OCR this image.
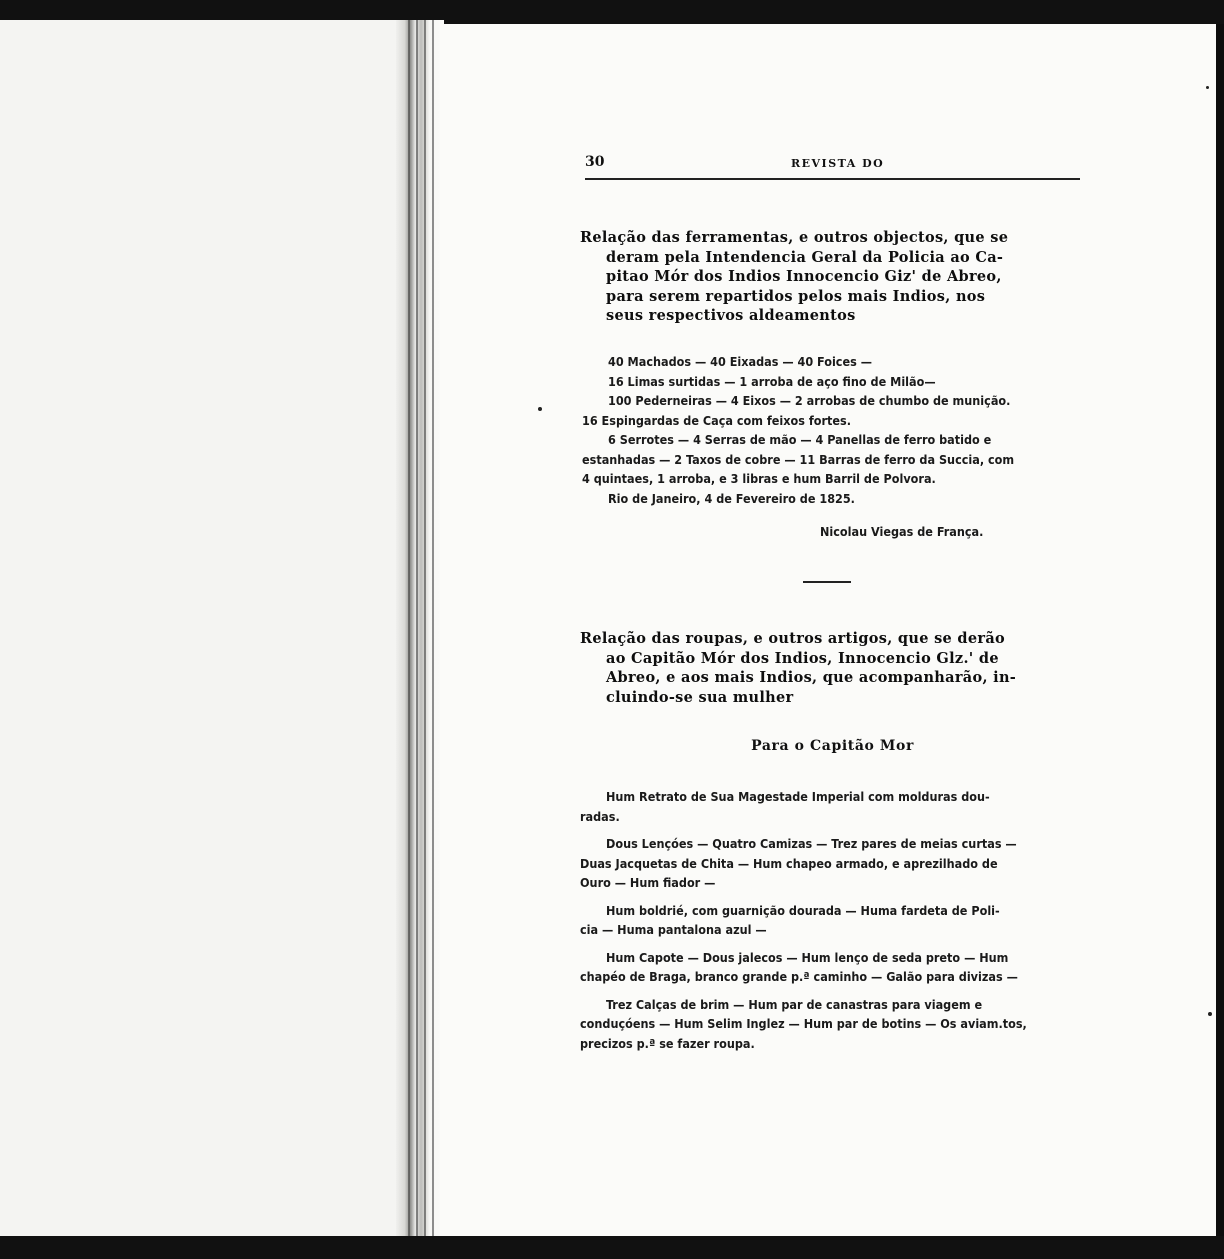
30	REVISTA DO
Relação das ferramentas, e outros objectos, que se
deram pela Intendencia Geral da Policia ao Ca-
pitao Mór dos Indios Innocencio Giz' de Abreo,
para serem repartidos pelos mais Indios, nos
seus respectivos aldeamentos
40 Machados — 40 Eixadas — 40 Foices —
16 Limas surtidas — 1 arroba de aço fino de Milão—
100 Pederneiras — 4 Eixos — 2 arrobas de chumbo de munição.
16 Espingardas de Caça com feixos fortes.
6 Serrotes — 4 Serras de mão — 4 Panellas de ferro batido e
estanhadas — 2 Taxos de cobre — 11 Barras de ferro da Succia, com
4 quintaes, 1 arroba, e 3 libras e hum Barril de Polvora.
Rio de Janeiro, 4 de Fevereiro de 1825.
Nicolau Viegas de França.
Relação das roupas, e outros artigos, que se derão
ao Capitão Mór dos Indios, Innocencio Glz.' de
Abreo, e aos mais Indios, que acompanharão, in-
cluindo-se sua mulher
Para o Capitão Mor
Hum Retrato de Sua Magestade Imperial com molduras dou-
radas.
Dous Lençóes — Quatro Camizas — Trez pares de meias curtas —
Duas Jacquetas de Chita — Hum chapeo armado, e aprezilhado de
Ouro — Hum fiador —
Hum boldrié, com guarnição dourada — Huma fardeta de Poli-
cia — Huma pantalona azul —
Hum Capote — Dous jalecos — Hum lenço de seda preto — Hum
chapéo de Braga, branco grande p.ª caminho — Galão para divizas —
Trez Calças de brim — Hum par de canastras para viagem e
conduçóens — Hum Selim Inglez — Hum par de botins — Os aviam.tos,
precizos p.ª se fazer roupa.
